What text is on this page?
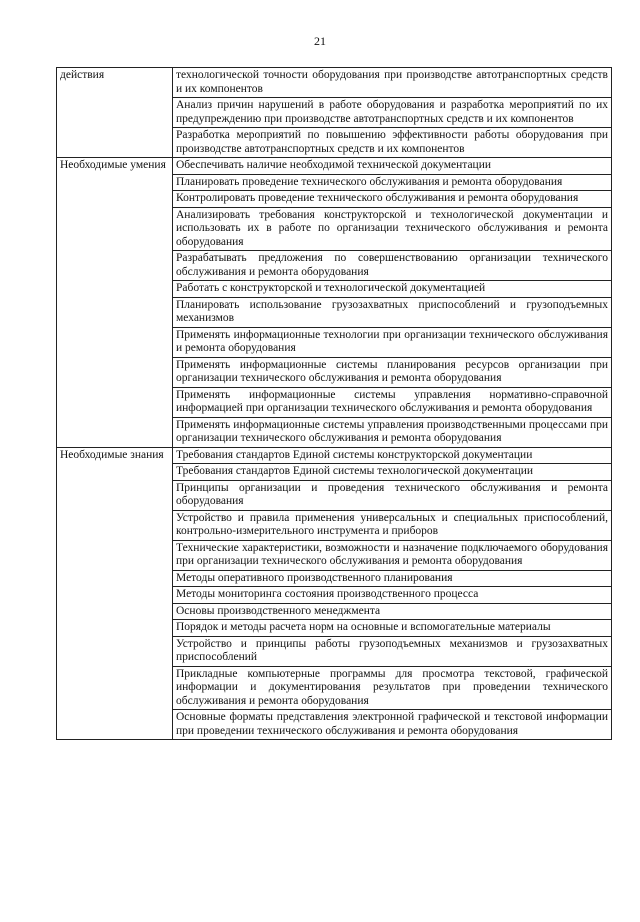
21
действия	технологической точности оборудования при производстве автотранспортных средств и их компонентов
	Анализ причин нарушений в работе оборудования и разработка мероприятий по их предупреждению при производстве автотранспортных средств и их компонентов
	Разработка мероприятий по повышению эффективности работы оборудования при производстве автотранспортных средств и их компонентов
Необходимые умения	Обеспечивать наличие необходимой технической документации
	Планировать проведение технического обслуживания и ремонта оборудования
	Контролировать проведение технического обслуживания и ремонта оборудования
	Анализировать требования конструкторской и технологической документации и использовать их в работе по организации технического обслуживания и ремонта оборудования
	Разрабатывать предложения по совершенствованию организации технического обслуживания и ремонта оборудования
	Работать с конструкторской и технологической документацией
	Планировать использование грузозахватных приспособлений и грузоподъемных механизмов
	Применять информационные технологии при организации технического обслуживания и ремонта оборудования
	Применять информационные системы планирования ресурсов организации при организации технического обслуживания и ремонта оборудования
	Применять информационные системы управления нормативно-справочной информацией при организации технического обслуживания и ремонта оборудования
	Применять информационные системы управления производственными процессами при организации технического обслуживания и ремонта оборудования
Необходимые знания	Требования стандартов Единой системы конструкторской документации
	Требования стандартов Единой системы технологической документации
	Принципы организации и проведения технического обслуживания и ремонта оборудования
	Устройство и правила применения универсальных и специальных приспособлений, контрольно-измерительного инструмента и приборов
	Технические характеристики, возможности и назначение подключаемого оборудования при организации технического обслуживания и ремонта оборудования
	Методы оперативного производственного планирования
	Методы мониторинга состояния производственного процесса
	Основы производственного менеджмента
	Порядок и методы расчета норм на основные и вспомогательные материалы
	Устройство и принципы работы грузоподъемных механизмов и грузозахватных приспособлений
	Прикладные компьютерные программы для просмотра текстовой, графической информации и документирования результатов при проведении технического обслуживания и ремонта оборудования
	Основные форматы представления электронной графической и текстовой информации при проведении технического обслуживания и ремонта оборудования
